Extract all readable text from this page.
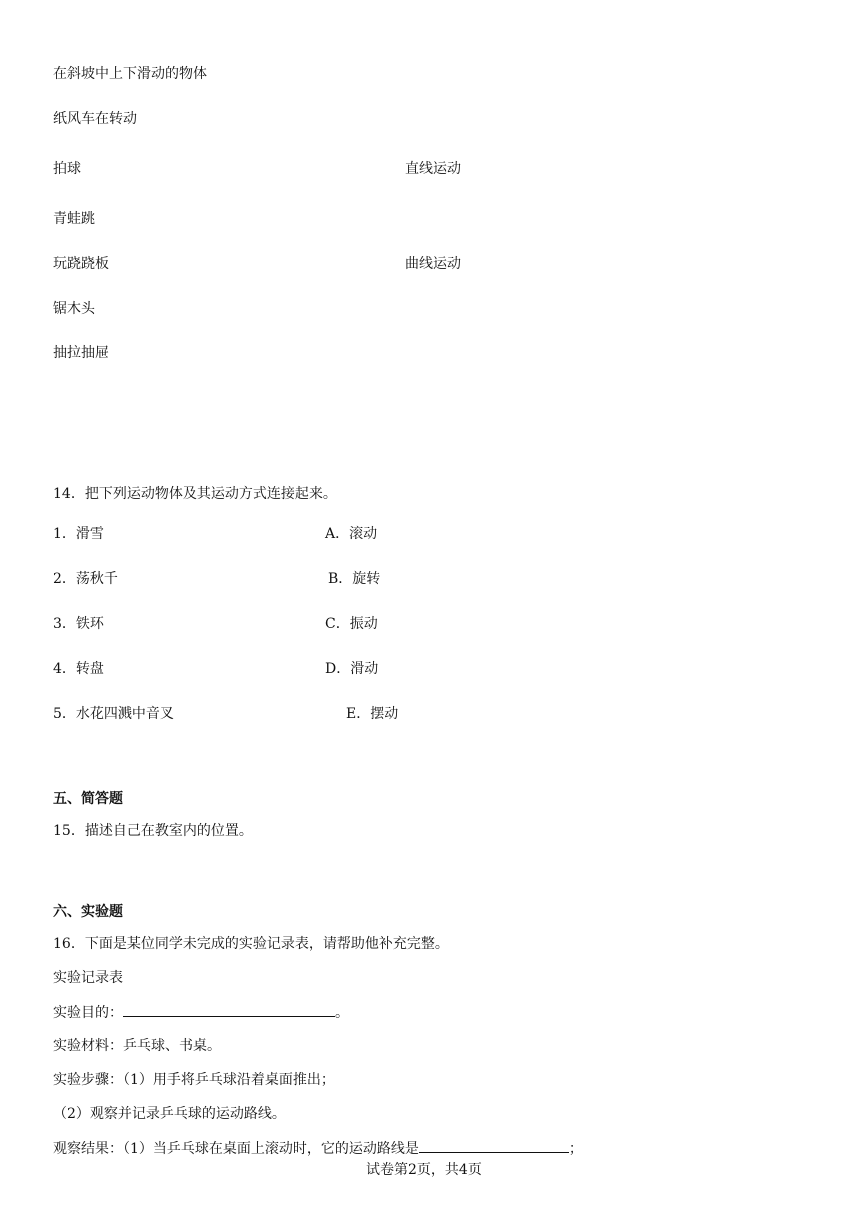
在斜坡中上下滑动的物体
纸风车在转动
拍球	直线运动
青蛙跳
玩跷跷板	曲线运动
锯木头
抽拉抽屉
14．把下列运动物体及其运动方式连接起来。
1．滑雪	A．滚动
2．荡秋千	B．旋转
3．铁环	C．振动
4．转盘	D．滑动
5．水花四溅中音叉	E．摆动
五、简答题
15．描述自己在教室内的位置。
六、实验题
16．下面是某位同学未完成的实验记录表，请帮助他补充完整。
实验记录表
实验目的：	。
实验材料：乒乓球、书桌。
实验步骤：（1）用手将乒乓球沿着桌面推出；
（2）观察并记录乒乓球的运动路线。
观察结果：（1）当乒乓球在桌面上滚动时，它的运动路线是	；
试卷第2页，共4页
